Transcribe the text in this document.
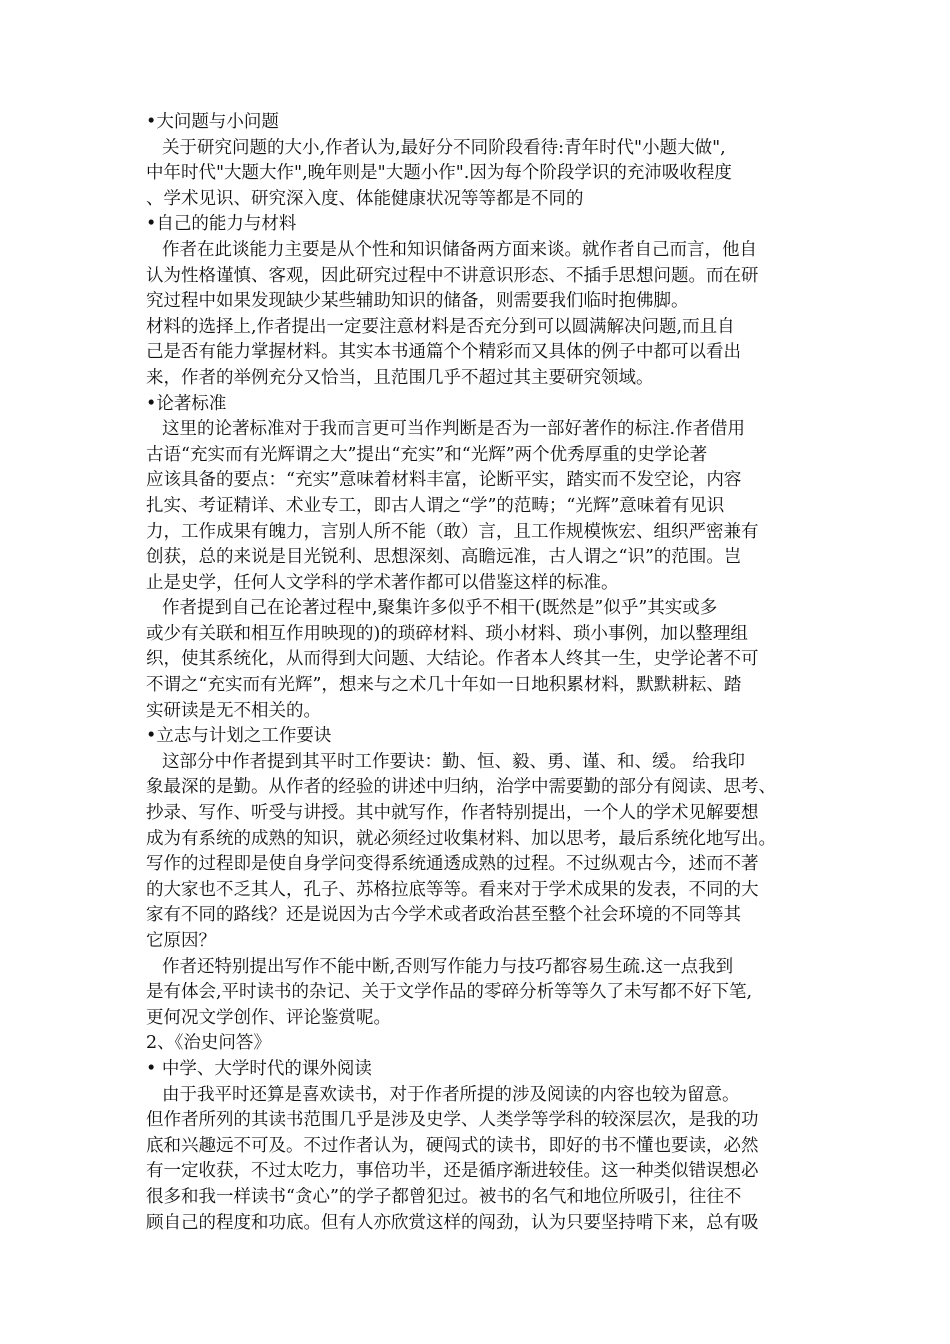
•大问题与小问题
关于研究问题的大小,作者认为,最好分不同阶段看待:青年时代"小题大做",
中年时代"大题大作",晚年则是"大题小作".因为每个阶段学识的充沛吸收程度
、学术见识、研究深入度、体能健康状况等等都是不同的
•自己的能力与材料
作者在此谈能力主要是从个性和知识储备两方面来谈。就作者自己而言，他自
认为性格谨慎、客观，因此研究过程中不讲意识形态、不插手思想问题。而在研
究过程中如果发现缺少某些辅助知识的储备，则需要我们临时抱佛脚。
材料的选择上,作者提出一定要注意材料是否充分到可以圆满解决问题,而且自
己是否有能力掌握材料。其实本书通篇个个精彩而又具体的例子中都可以看出
来，作者的举例充分又恰当，且范围几乎不超过其主要研究领域。
•论著标准
这里的论著标准对于我而言更可当作判断是否为一部好著作的标注.作者借用
古语“充实而有光辉谓之大”提出“充实”和“光辉”两个优秀厚重的史学论著
应该具备的要点：“充实”意味着材料丰富，论断平实，踏实而不发空论，内容
扎实、考证精详、术业专工，即古人谓之“学”的范畴；“光辉”意味着有见识
力，工作成果有魄力，言别人所不能（敢）言，且工作规模恢宏、组织严密兼有
创获，总的来说是目光锐利、思想深刻、高瞻远准，古人谓之“识”的范围。岂
止是史学，任何人文学科的学术著作都可以借鉴这样的标准。
作者提到自己在论著过程中,聚集许多似乎不相干(既然是”似乎”其实或多
或少有关联和相互作用映现的)的琐碎材料、琐小材料、琐小事例，加以整理组
织，使其系统化，从而得到大问题、大结论。作者本人终其一生，史学论著不可
不谓之“充实而有光辉”，想来与之术几十年如一日地积累材料，默默耕耘、踏
实研读是无不相关的。
•立志与计划之工作要诀
这部分中作者提到其平时工作要诀：勤、恒、毅、勇、谨、和、缓。 给我印
象最深的是勤。从作者的经验的讲述中归纳，治学中需要勤的部分有阅读、思考、
抄录、写作、听受与讲授。其中就写作，作者特别提出，一个人的学术见解要想
成为有系统的成熟的知识，就必须经过收集材料、加以思考，最后系统化地写出。
写作的过程即是使自身学问变得系统通透成熟的过程。不过纵观古今，述而不著
的大家也不乏其人，孔子、苏格拉底等等。看来对于学术成果的发表，不同的大
家有不同的路线？还是说因为古今学术或者政治甚至整个社会环境的不同等其
它原因？
作者还特别提出写作不能中断,否则写作能力与技巧都容易生疏.这一点我到
是有体会,平时读书的杂记、关于文学作品的零碎分析等等久了未写都不好下笔,
更何况文学创作、评论鉴赏呢。
2、《治史问答》
• 中学、大学时代的课外阅读
由于我平时还算是喜欢读书，对于作者所提的涉及阅读的内容也较为留意。
但作者所列的其读书范围几乎是涉及史学、人类学等学科的较深层次，是我的功
底和兴趣远不可及。不过作者认为，硬闯式的读书，即好的书不懂也要读，必然
有一定收获，不过太吃力，事倍功半，还是循序渐进较佳。这一种类似错误想必
很多和我一样读书“贪心”的学子都曾犯过。被书的名气和地位所吸引，往往不
顾自己的程度和功底。但有人亦欣赏这样的闯劲，认为只要坚持啃下来，总有吸
